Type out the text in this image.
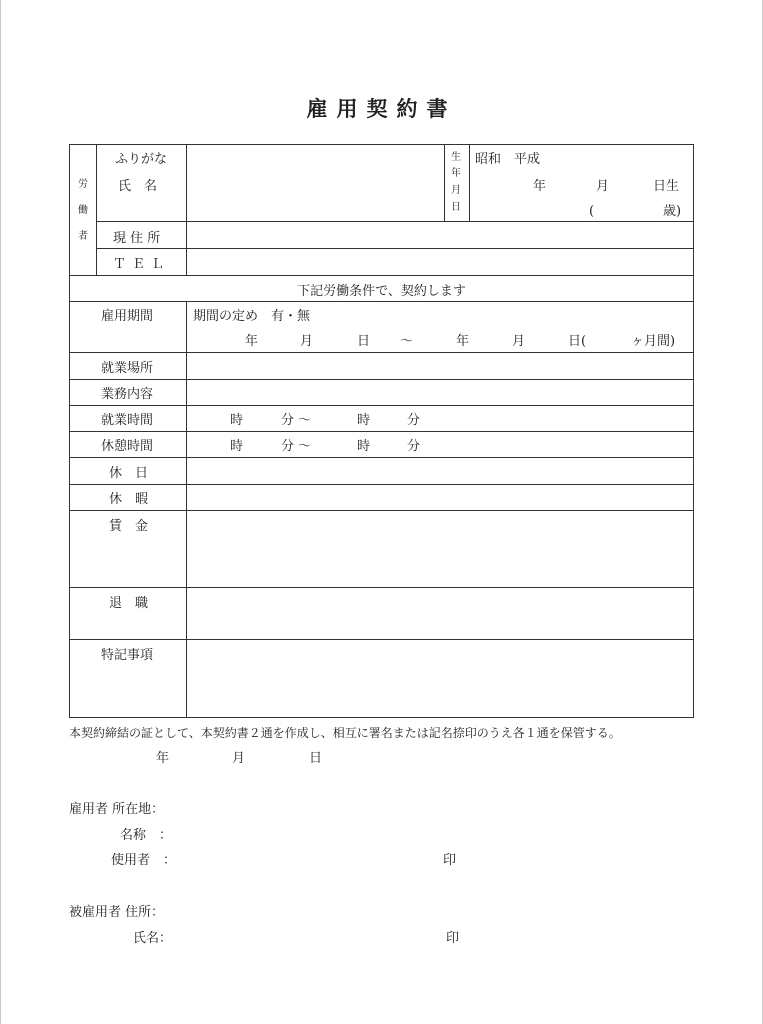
雇用契約書
労
働
者
ふりがな
氏　名
生
年
月
日
昭和　平成
年	月	日生
(	歳)
現 住 所
ＴＥＬ
下記労働条件で、契約します
雇用期間	期間の定め　有・無
年	月	日 〜	年	月	日(	ヶ月間)
就業場所
業務内容
就業時間	時	分 〜	時	分
休憩時間	時	分 〜	時	分
休　日
休　暇
賃　金
退　職
特記事項
本契約締結の証として、本契約書２通を作成し、相互に署名または記名捺印のうえ各１通を保管する。
年	月	日
雇用者 所在地：
名称　：
使用者　：	印
被雇用者 住所：
氏名：	印
